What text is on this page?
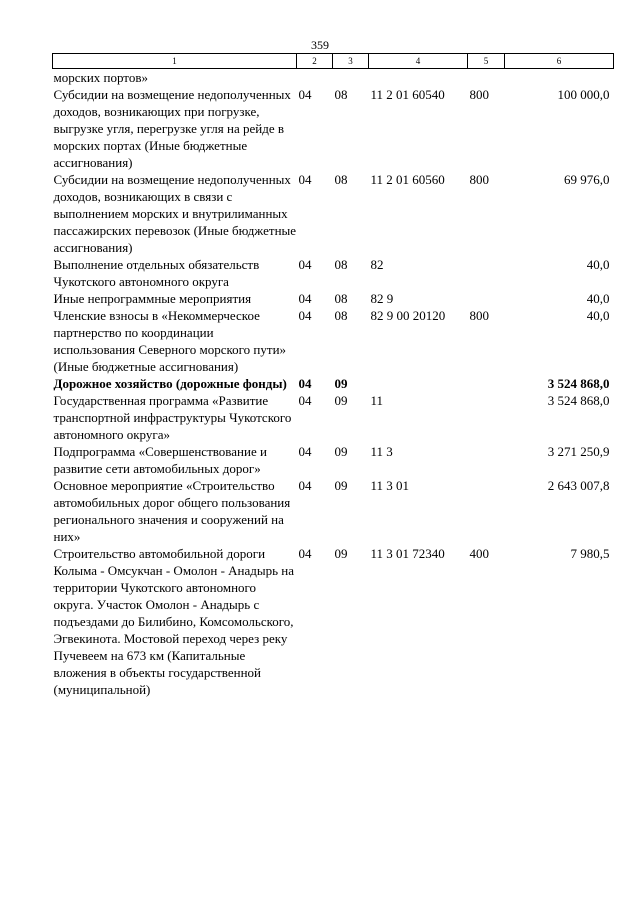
359
1	2	3	4	5	6
морских портов»					
Субсидии на возмещение недополученных доходов, возникающих при погрузке, выгрузке угля, перегрузке угля на рейде в морских портах (Иные бюджетные ассигнования)	04	08	11 2 01 60540	800	100 000,0
Субсидии на возмещение недополученных доходов, возникающих в связи с выполнением морских и внутрилиманных пассажирских перевозок (Иные бюджетные ассигнования)	04	08	11 2 01 60560	800	69 976,0
Выполнение отдельных обязательств Чукотского автономного округа	04	08	82		40,0
Иные непрограммные мероприятия	04	08	82 9		40,0
Членские взносы в «Некоммерческое партнерство по координации использования Северного морского пути» (Иные бюджетные ассигнования)	04	08	82 9 00 20120	800	40,0
Дорожное хозяйство (дорожные фонды)	04	09			3 524 868,0
Государственная программа «Развитие транспортной инфраструктуры Чукотского автономного округа»	04	09	11		3 524 868,0
Подпрограмма «Совершенствование и развитие сети автомобильных дорог»	04	09	11 3		3 271 250,9
Основное мероприятие «Строительство автомобильных дорог общего пользования регионального значения и сооружений на них»	04	09	11 3 01		2 643 007,8
Строительство автомобильной дороги Колыма - Омсукчан - Омолон - Анадырь на территории Чукотского автономного округа. Участок Омолон - Анадырь с подъездами до Билибино, Комсомольского, Эгвекинота. Мостовой переход через реку Пучевеем на 673 км (Капитальные вложения в объекты государственной (муниципальной)	04	09	11 3 01 72340	400	7 980,5
